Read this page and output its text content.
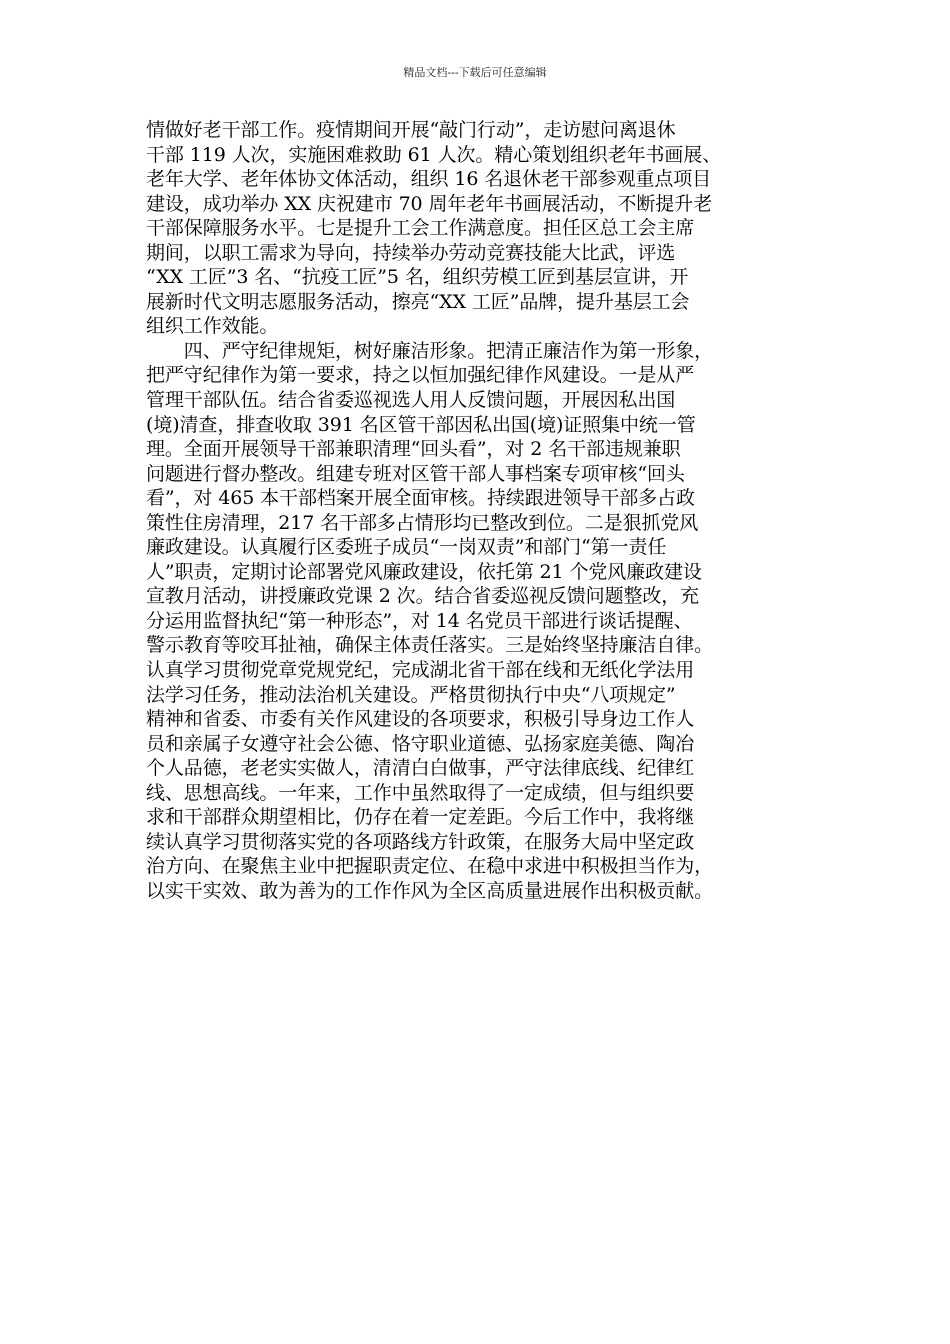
精品文档---下载后可任意编辑
情做好老干部工作。疫情期间开展“敲门行动”，走访慰问离退休
干部 119 人次，实施困难救助 61 人次。精心策划组织老年书画展、
老年大学、老年体协文体活动，组织 16 名退休老干部参观重点项目
建设，成功举办 XX 庆祝建市 70 周年老年书画展活动，不断提升老
干部保障服务水平。七是提升工会工作满意度。担任区总工会主席
期间，以职工需求为导向，持续举办劳动竞赛技能大比武，评选
“XX 工匠”3 名、“抗疫工匠”5 名，组织劳模工匠到基层宣讲，开
展新时代文明志愿服务活动，擦亮“XX 工匠”品牌，提升基层工会
组织工作效能。
　　四、严守纪律规矩，树好廉洁形象。把清正廉洁作为第一形象，
把严守纪律作为第一要求，持之以恒加强纪律作风建设。一是从严
管理干部队伍。结合省委巡视选人用人反馈问题，开展因私出国
(境)清查，排查收取 391 名区管干部因私出国(境)证照集中统一管
理。全面开展领导干部兼职清理“回头看”，对 2 名干部违规兼职
问题进行督办整改。组建专班对区管干部人事档案专项审核“回头
看”，对 465 本干部档案开展全面审核。持续跟进领导干部多占政
策性住房清理，217 名干部多占情形均已整改到位。二是狠抓党风
廉政建设。认真履行区委班子成员“一岗双责”和部门“第一责任
人”职责，定期讨论部署党风廉政建设，依托第 21 个党风廉政建设
宣教月活动，讲授廉政党课 2 次。结合省委巡视反馈问题整改，充
分运用监督执纪“第一种形态”，对 14 名党员干部进行谈话提醒、
警示教育等咬耳扯袖，确保主体责任落实。三是始终坚持廉洁自律。
认真学习贯彻党章党规党纪，完成湖北省干部在线和无纸化学法用
法学习任务，推动法治机关建设。严格贯彻执行中央“八项规定”
精神和省委、市委有关作风建设的各项要求，积极引导身边工作人
员和亲属子女遵守社会公德、恪守职业道德、弘扬家庭美德、陶冶
个人品德，老老实实做人，清清白白做事，严守法律底线、纪律红
线、思想高线。一年来，工作中虽然取得了一定成绩，但与组织要
求和干部群众期望相比，仍存在着一定差距。今后工作中，我将继
续认真学习贯彻落实党的各项路线方针政策，在服务大局中坚定政
治方向、在聚焦主业中把握职责定位、在稳中求进中积极担当作为，
以实干实效、敢为善为的工作作风为全区高质量进展作出积极贡献。
